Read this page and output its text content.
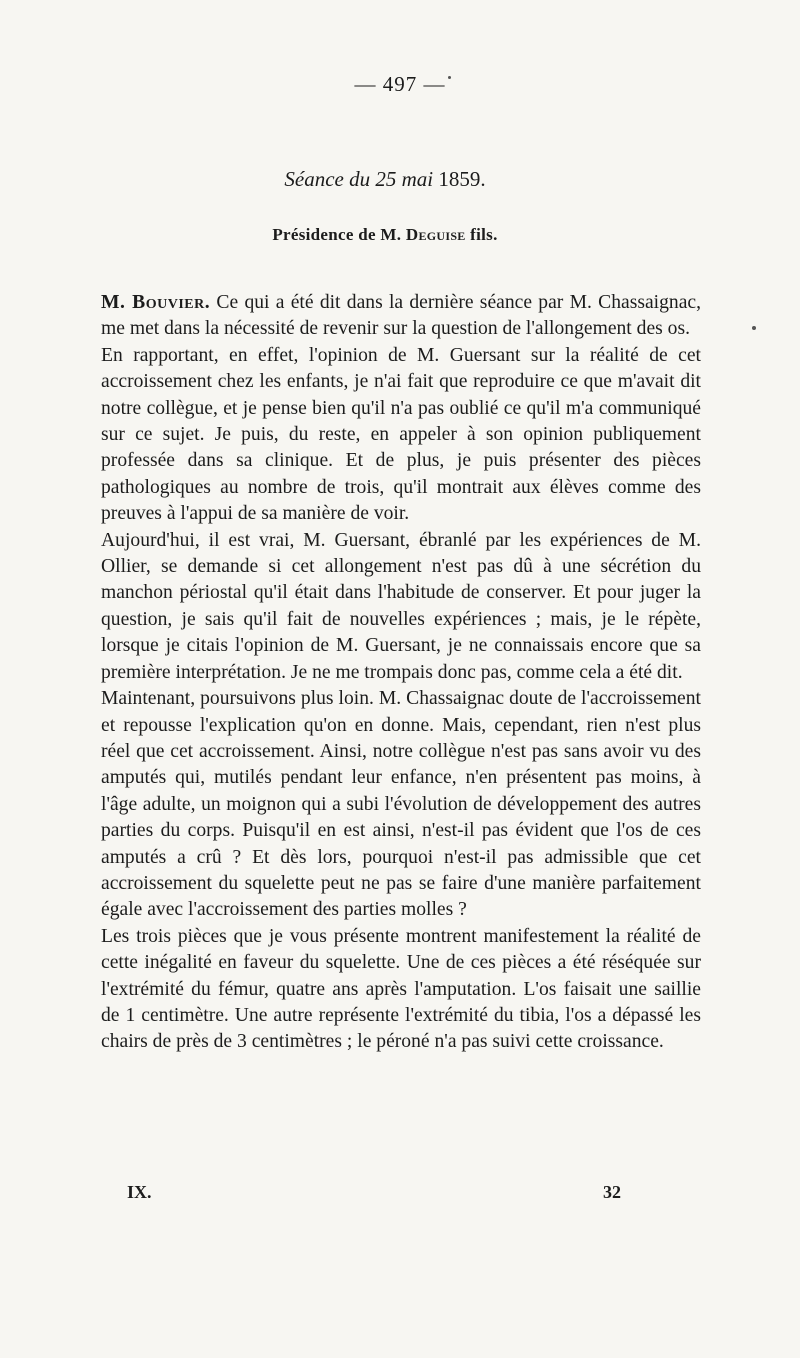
— 497 —
Séance du 25 mai 1859.
Présidence de M. Deguise fils.

M. Bouvier. Ce qui a été dit dans la dernière séance par M. Chassaignac, me met dans la nécessité de revenir sur la question de l'allongement des os.

En rapportant, en effet, l'opinion de M. Guersant sur la réalité de cet accroissement chez les enfants, je n'ai fait que reproduire ce que m'avait dit notre collègue, et je pense bien qu'il n'a pas oublié ce qu'il m'a communiqué sur ce sujet. Je puis, du reste, en appeler à son opinion publiquement professée dans sa clinique. Et de plus, je puis présenter des pièces pathologiques au nombre de trois, qu'il montrait aux élèves comme des preuves à l'appui de sa manière de voir.

Aujourd'hui, il est vrai, M. Guersant, ébranlé par les expériences de M. Ollier, se demande si cet allongement n'est pas dû à une sécrétion du manchon périostal qu'il était dans l'habitude de conserver. Et pour juger la question, je sais qu'il fait de nouvelles expériences ; mais, je le répète, lorsque je citais l'opinion de M. Guersant, je ne connaissais encore que sa première interprétation. Je ne me trompais donc pas, comme cela a été dit.

Maintenant, poursuivons plus loin. M. Chassaignac doute de l'accroissement et repousse l'explication qu'on en donne. Mais, cependant, rien n'est plus réel que cet accroissement. Ainsi, notre collègue n'est pas sans avoir vu des amputés qui, mutilés pendant leur enfance, n'en présentent pas moins, à l'âge adulte, un moignon qui a subi l'évolution de développement des autres parties du corps. Puisqu'il en est ainsi, n'est-il pas évident que l'os de ces amputés a crû ? Et dès lors, pourquoi n'est-il pas admissible que cet accroissement du squelette peut ne pas se faire d'une manière parfaitement égale avec l'accroissement des parties molles ?

Les trois pièces que je vous présente montrent manifestement la réalité de cette inégalité en faveur du squelette. Une de ces pièces a été réséquée sur l'extrémité du fémur, quatre ans après l'amputation. L'os faisait une saillie de 1 centimètre. Une autre représente l'extrémité du tibia, l'os a dépassé les chairs de près de 3 centimètres ; le péroné n'a pas suivi cette croissance.

IX.	32
